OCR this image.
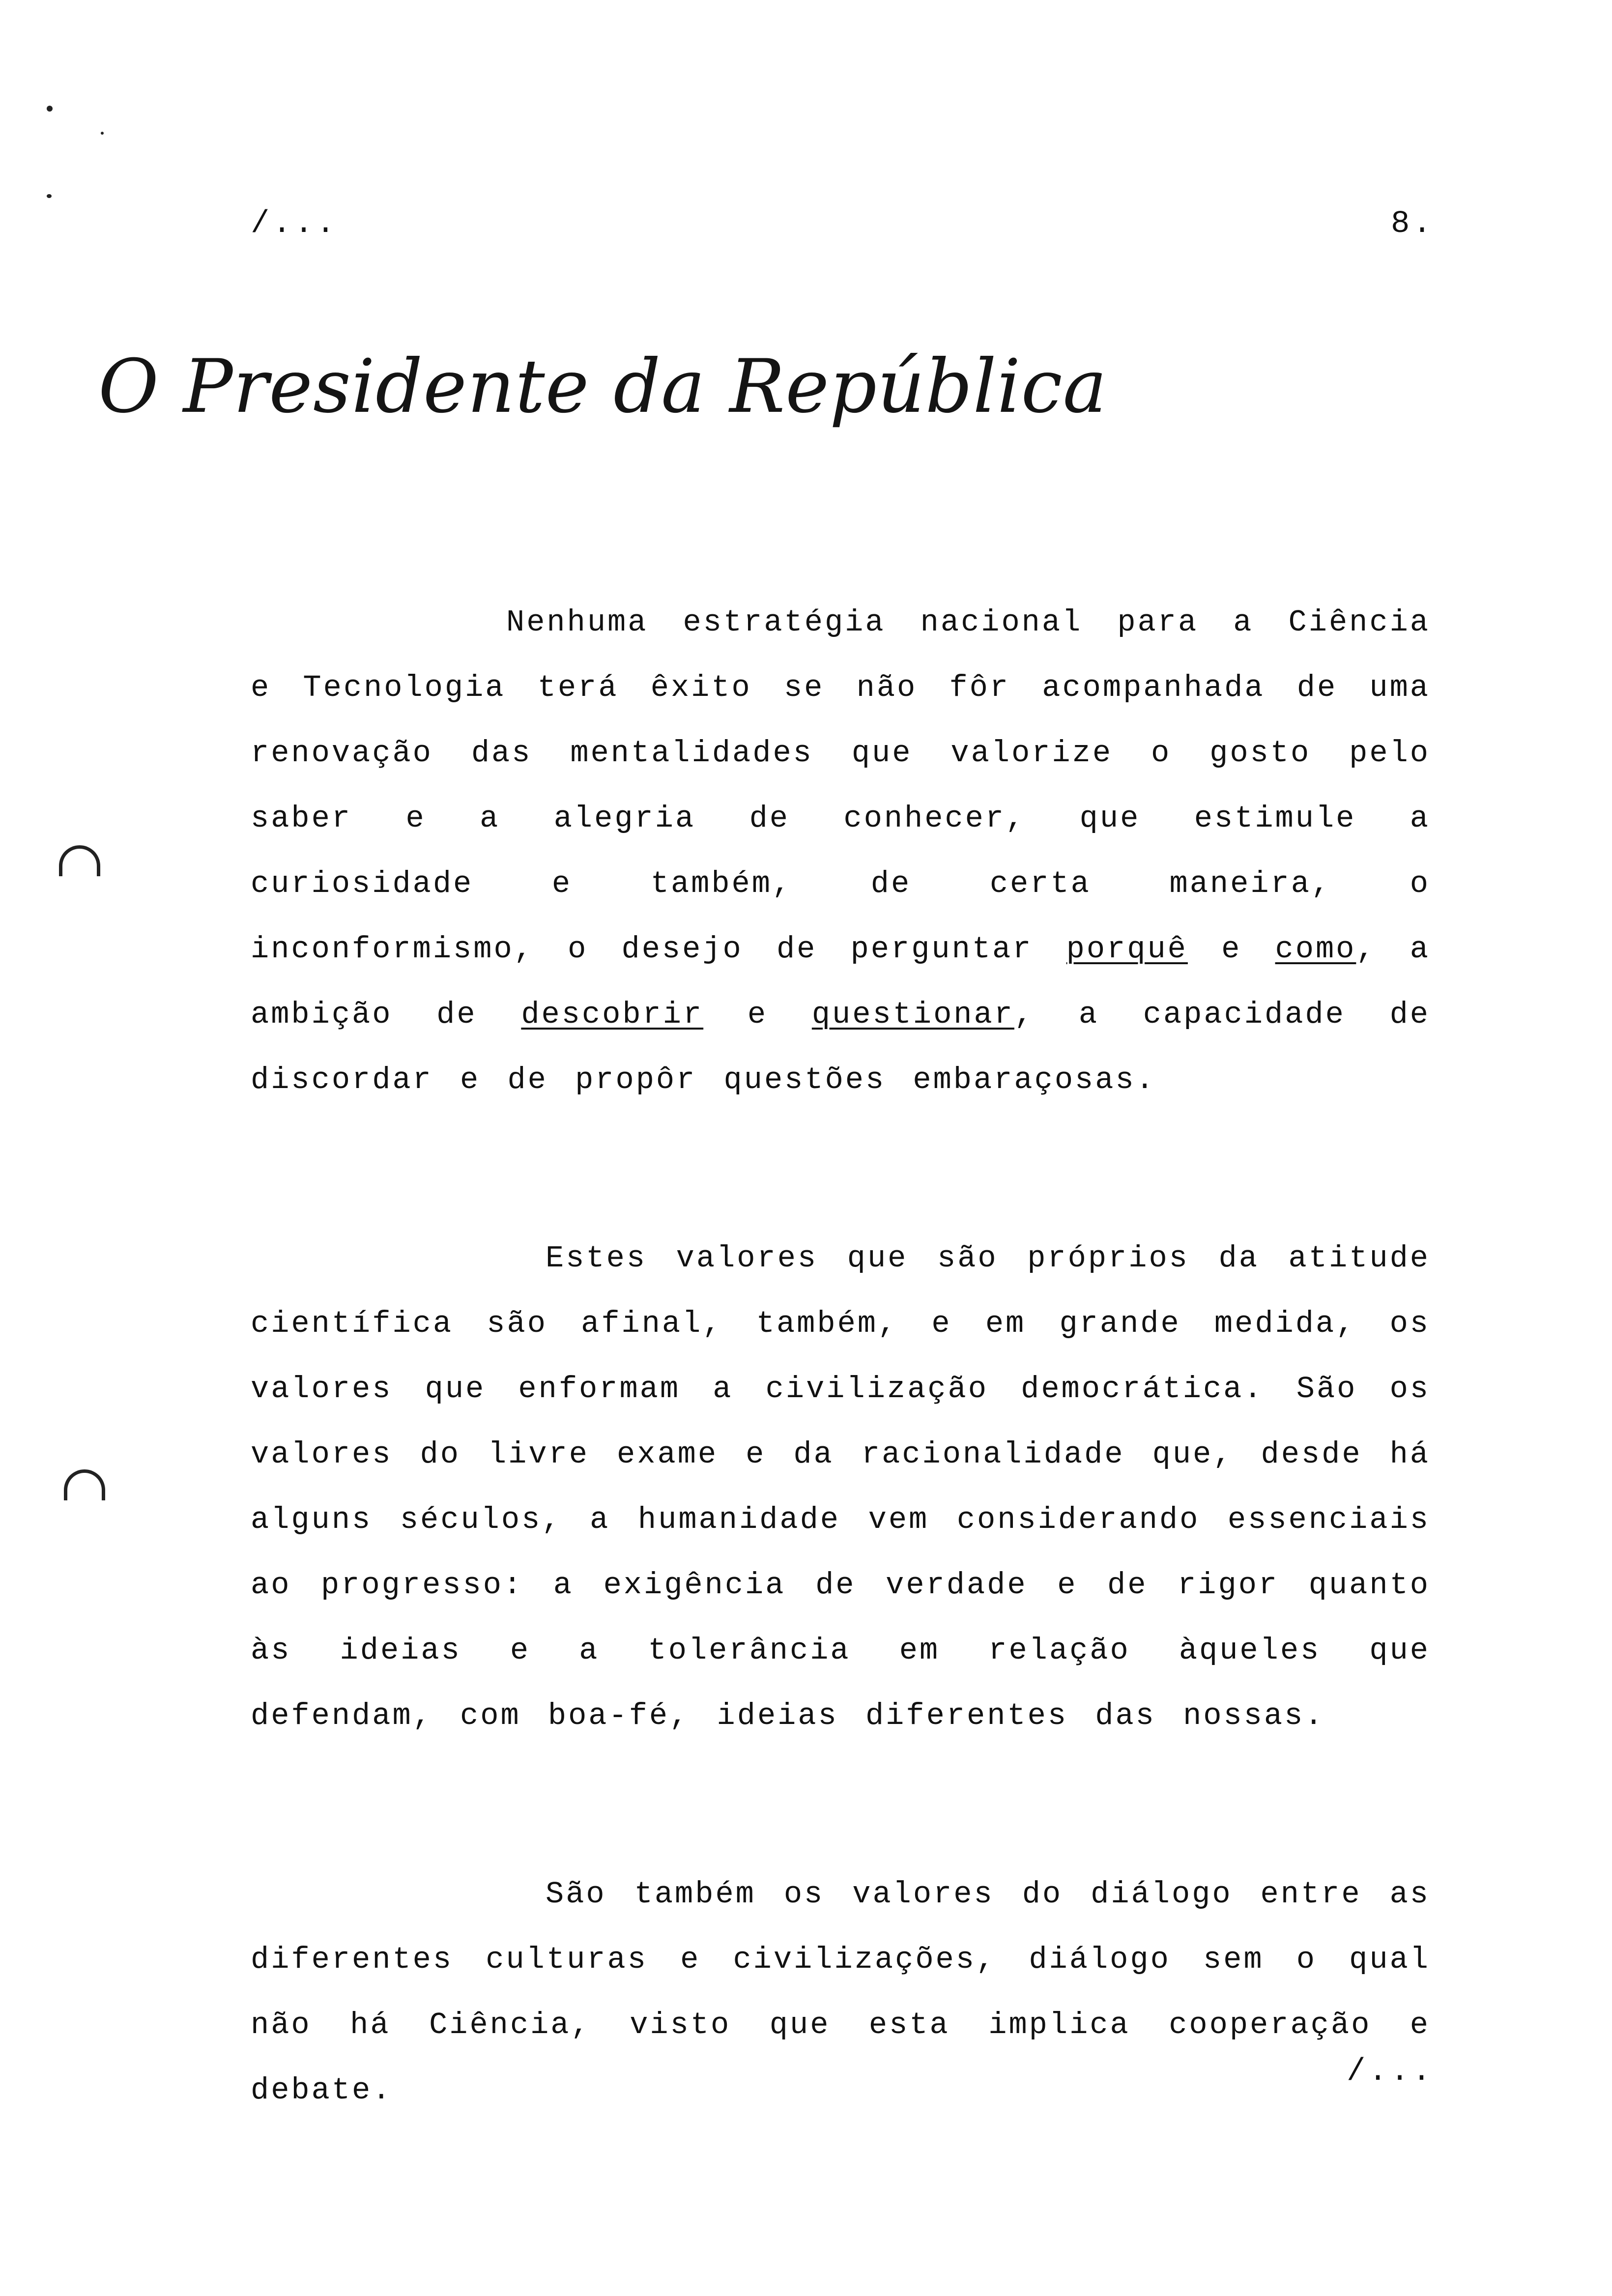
/...	8.
O Presidente da República

Nenhuma estratégia nacional para a Ciência e Tecnologia terá êxito se não fôr acompanhada de uma renovação das mentalidades que valorize o gosto pelo saber e a alegria de conhecer, que estimule a curiosidade e também, de certa maneira, o inconformismo, o desejo de perguntar porquê e como, a ambição de descobrir e questionar, a capacidade de discordar e de propôr questões embaraçosas.

Estes valores que são próprios da atitude científica são afinal, também, e em grande medida, os valores que enformam a civilização democrática. São os valores do livre exame e da racionalidade que, desde há alguns séculos, a humanidade vem considerando essenciais ao progresso: a exigência de verdade e de rigor quanto às ideias e a tolerância em relação àqueles que defendam, com boa-fé, ideias diferentes das nossas.

São também os valores do diálogo entre as diferentes culturas e civilizações, diálogo sem o qual não há Ciência, visto que esta implica cooperação e debate.

/...
